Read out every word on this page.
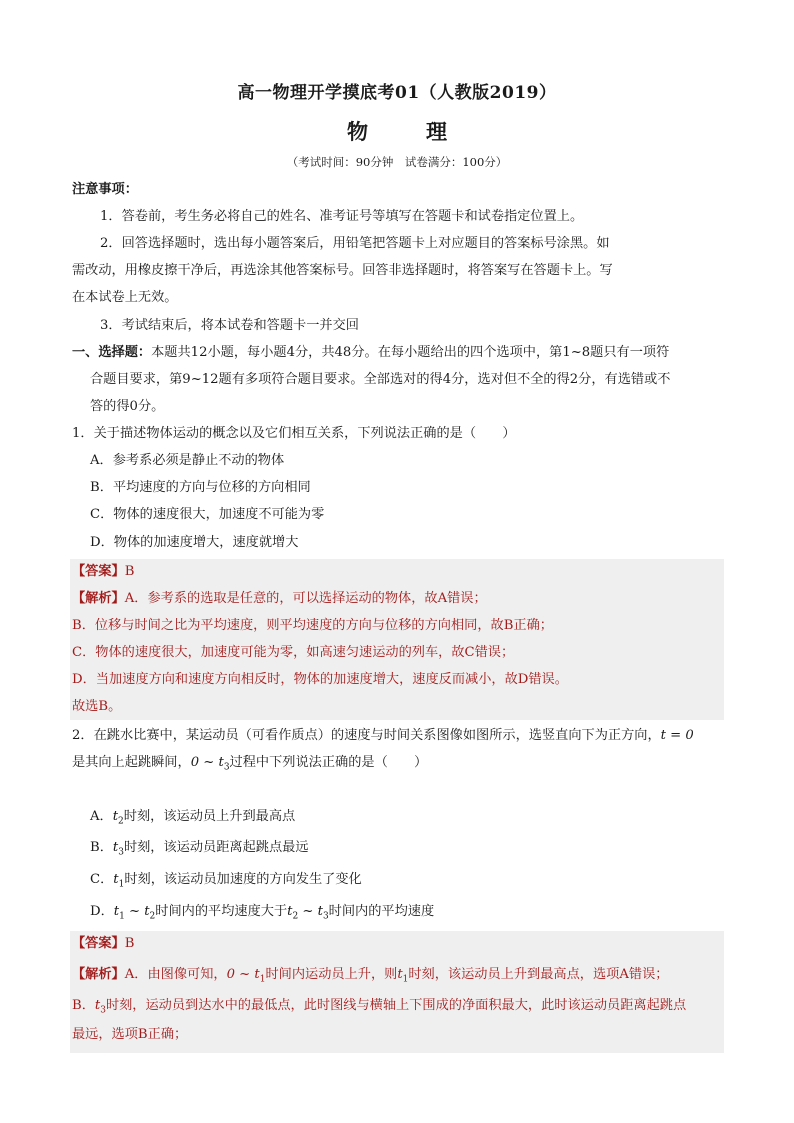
高一物理开学摸底考01（人教版2019）
物	理
（考试时间：90分钟　试卷满分：100分）
注意事项：
1．答卷前，考生务必将自己的姓名、准考证号等填写在答题卡和试卷指定位置上。
2．回答选择题时，选出每小题答案后，用铅笔把答题卡上对应题目的答案标号涂黑。如
需改动，用橡皮擦干净后，再选涂其他答案标号。回答非选择题时，将答案写在答题卡上。写
在本试卷上无效。
3．考试结束后，将本试卷和答题卡一并交回
一、选择题：本题共12小题，每小题4分，共48分。在每小题给出的四个选项中，第1~8题只有一项符
合题目要求，第9~12题有多项符合题目要求。全部选对的得4分，选对但不全的得2分，有选错或不
答的得0分。
1．关于描述物体运动的概念以及它们相互关系，下列说法正确的是（　　）
A．参考系必须是静止不动的物体
B．平均速度的方向与位移的方向相同
C．物体的速度很大，加速度不可能为零
D．物体的加速度增大，速度就增大
【答案】B
【解析】A．参考系的选取是任意的，可以选择运动的物体，故A错误；
B．位移与时间之比为平均速度，则平均速度的方向与位移的方向相同，故B正确；
C．物体的速度很大，加速度可能为零，如高速匀速运动的列车，故C错误；
D．当加速度方向和速度方向相反时，物体的加速度增大，速度反而减小，故D错误。
故选B。
2．在跳水比赛中，某运动员（可看作质点）的速度与时间关系图像如图所示，选竖直向下为正方向，t = 0
是其向上起跳瞬间，0 ~ $t_3$过程中下列说法正确的是（　　）
A．$t_2$时刻，该运动员上升到最高点
B．$t_3$时刻，该运动员距离起跳点最远
C．$t_1$时刻，该运动员加速度的方向发生了变化
D．$t_1$ ~ $t_2$时间内的平均速度大于$t_2$ ~ $t_3$时间内的平均速度
【答案】B
【解析】A．由图像可知，0 ~ $t_1$时间内运动员上升，则$t_1$时刻，该运动员上升到最高点，选项A错误；
B．$t_3$时刻，运动员到达水中的最低点，此时图线与横轴上下围成的净面积最大，此时该运动员距离起跳点
最远，选项B正确；
